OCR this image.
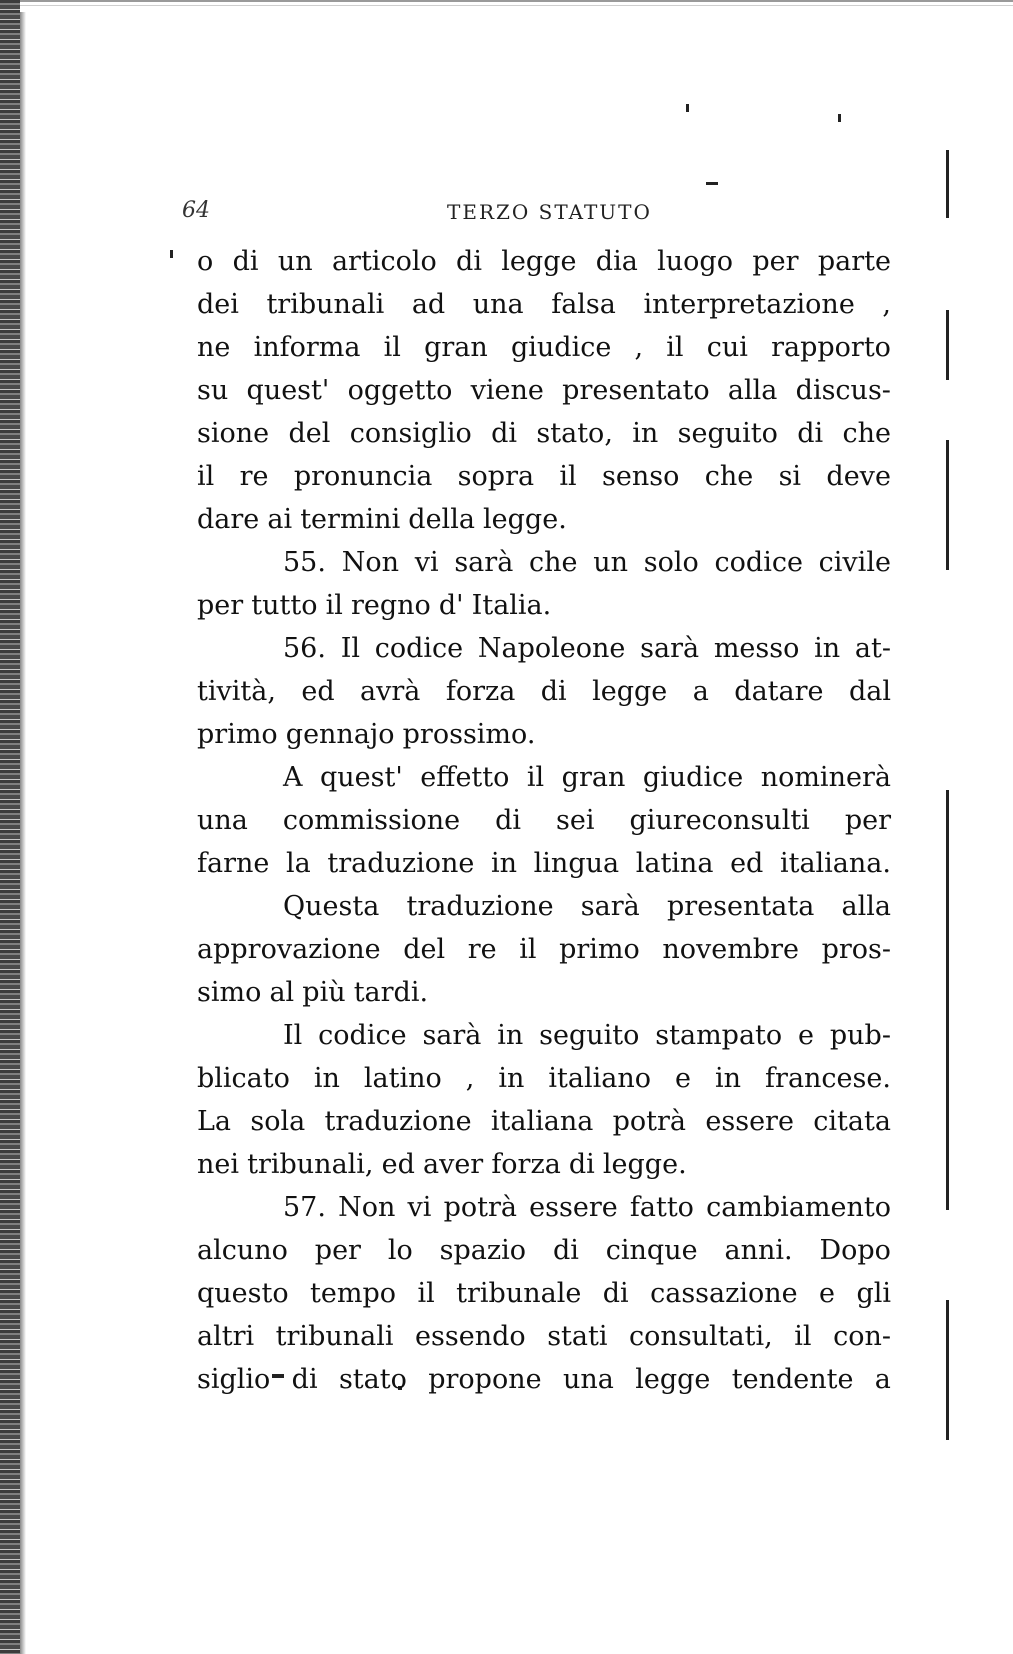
64	TERZO STATUTO
o di un articolo di legge dia luogo per parte
dei tribunali ad una falsa interpretazione ,
ne informa il gran giudice , il cui rapporto
su quest' oggetto viene presentato alla discus-
sione del consiglio di stato, in seguito di che
il re pronuncia sopra il senso che si deve
dare ai termini della legge.
55. Non vi sarà che un solo codice civile
per tutto il regno d' Italia.
56. Il codice Napoleone sarà messo in at-
tività, ed avrà forza di legge a datare dal
primo gennajo prossimo.
A quest' effetto il gran giudice nominerà
una commissione di sei giureconsulti per
farne la traduzione in lingua latina ed italiana.
Questa traduzione sarà presentata alla
approvazione del re il primo novembre pros-
simo al più tardi.
Il codice sarà in seguito stampato e pub-
blicato in latino , in italiano e in francese.
La sola traduzione italiana potrà essere citata
nei tribunali, ed aver forza di legge.
57. Non vi potrà essere fatto cambiamento
alcuno per lo spazio di cinque anni. Dopo
questo tempo il tribunale di cassazione e gli
altri tribunali essendo stati consultati, il con-
siglio di stato propone una legge tendente a
